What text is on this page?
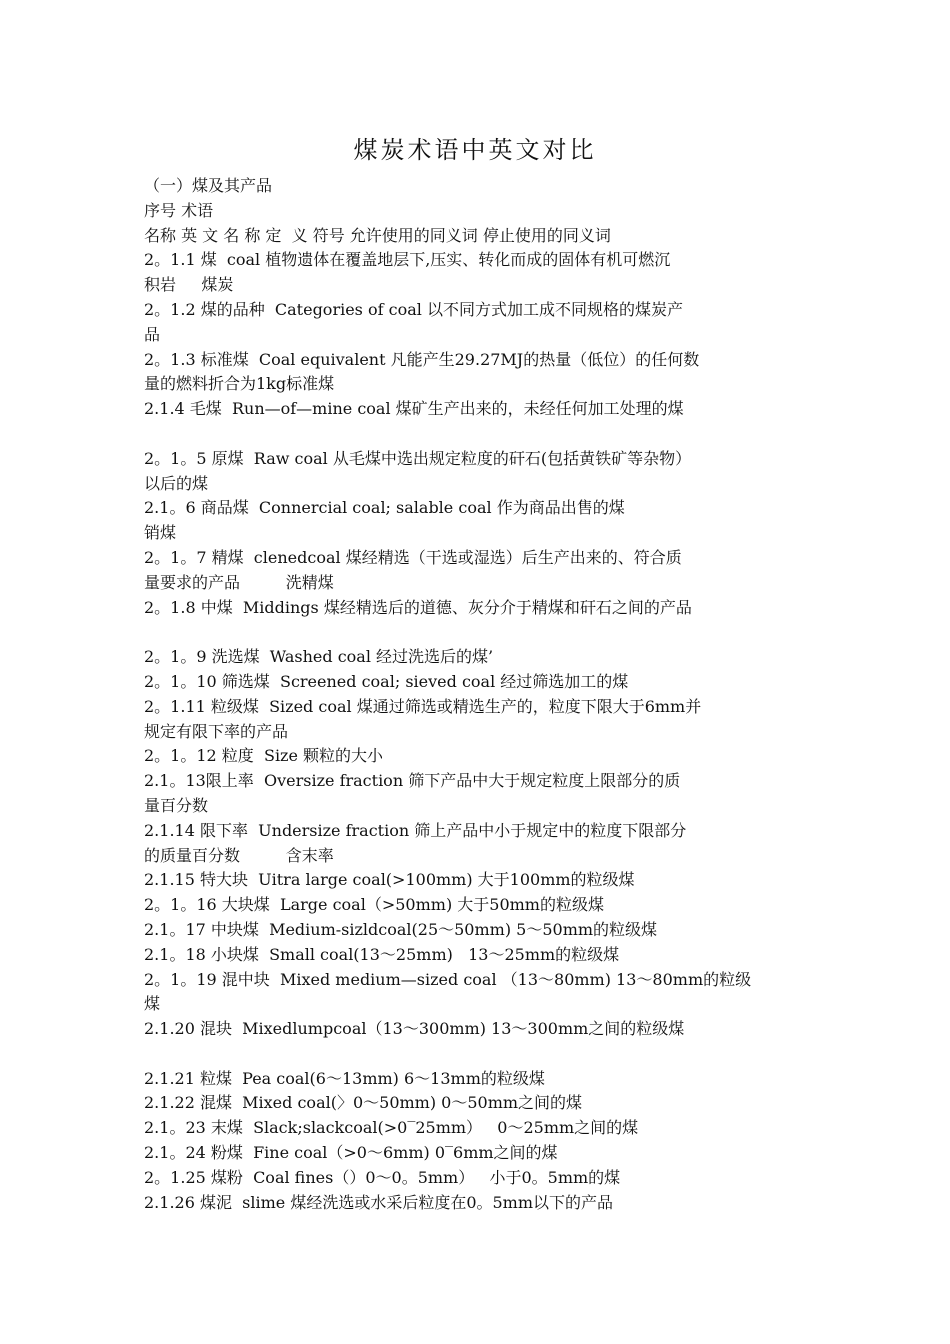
煤炭术语中英文对比
（一）煤及其产品
序号 术语
名称 英 文 名 称 定  义 符号 允许使用的同义词 停止使用的同义词
2。1.1 煤  coal 植物遗体在覆盖地层下,压实、转化而成的固体有机可燃沉
积岩     煤炭
2。1.2 煤的品种  Categories of coal 以不同方式加工成不同规格的煤炭产
品
2。1.3 标准煤  Coal equivalent 凡能产生29.27MJ的热量（低位）的任何数
量的燃料折合为1kg标准煤
2.1.4 毛煤  Run—of—mine coal 煤矿生产出来的，未经任何加工处理的煤
2。1。5 原煤  Raw coal 从毛煤中选出规定粒度的矸石(包括黄铁矿等杂物）
以后的煤
2.1。6 商品煤  Connercial coal; salable coal 作为商品出售的煤
销煤
2。1。7 精煤  clenedcoal 煤经精选（干选或湿选）后生产出来的、符合质
量要求的产品         洗精煤
2。1.8 中煤  Middings 煤经精选后的道德、灰分介于精煤和矸石之间的产品
2。1。9 洗选煤  Washed coal 经过洗选后的煤’
2。1。10 筛选煤  Screened coal; sieved coal 经过筛选加工的煤
2。1.11 粒级煤  Sized coal 煤通过筛选或精选生产的，粒度下限大于6mm并
规定有限下率的产品
2。1。12 粒度  Size 颗粒的大小
2.1。13限上率  Oversize fraction 筛下产品中大于规定粒度上限部分的质
量百分数
2.1.14 限下率  Undersize fraction 筛上产品中小于规定中的粒度下限部分
的质量百分数         含末率
2.1.15 特大块  Uitra large coal(>100mm) 大于100mm的粒级煤
2。1。16 大块煤  Large coal（>50mm) 大于50mm的粒级煤
2.1。17 中块煤  Medium-sizldcoal(25～50mm) 5～50mm的粒级煤
2.1。18 小块煤  Small coal(13～25mm)   13～25mm的粒级煤
2。1。19 混中块  Mixed medium—sized coal （13～80mm) 13～80mm的粒级
煤
2.1.20 混块  Mixedlumpcoal（13～300mm) 13～300mm之间的粒级煤
2.1.21 粒煤  Pea coal(6～13mm) 6～13mm的粒级煤
2.1.22 混煤  Mixed coal(〉0～50mm) 0～50mm之间的煤
2.1。23 末煤  Slack;slackcoal(>0‾25mm）   0～25mm之间的煤
2.1。24 粉煤  Fine coal（>0～6mm) 0‾6mm之间的煤
2。1.25 煤粉  Coal fines（）0～0。5mm）   小于0。5mm的煤
2.1.26 煤泥  slime 煤经洗选或水采后粒度在0。5mm以下的产品
